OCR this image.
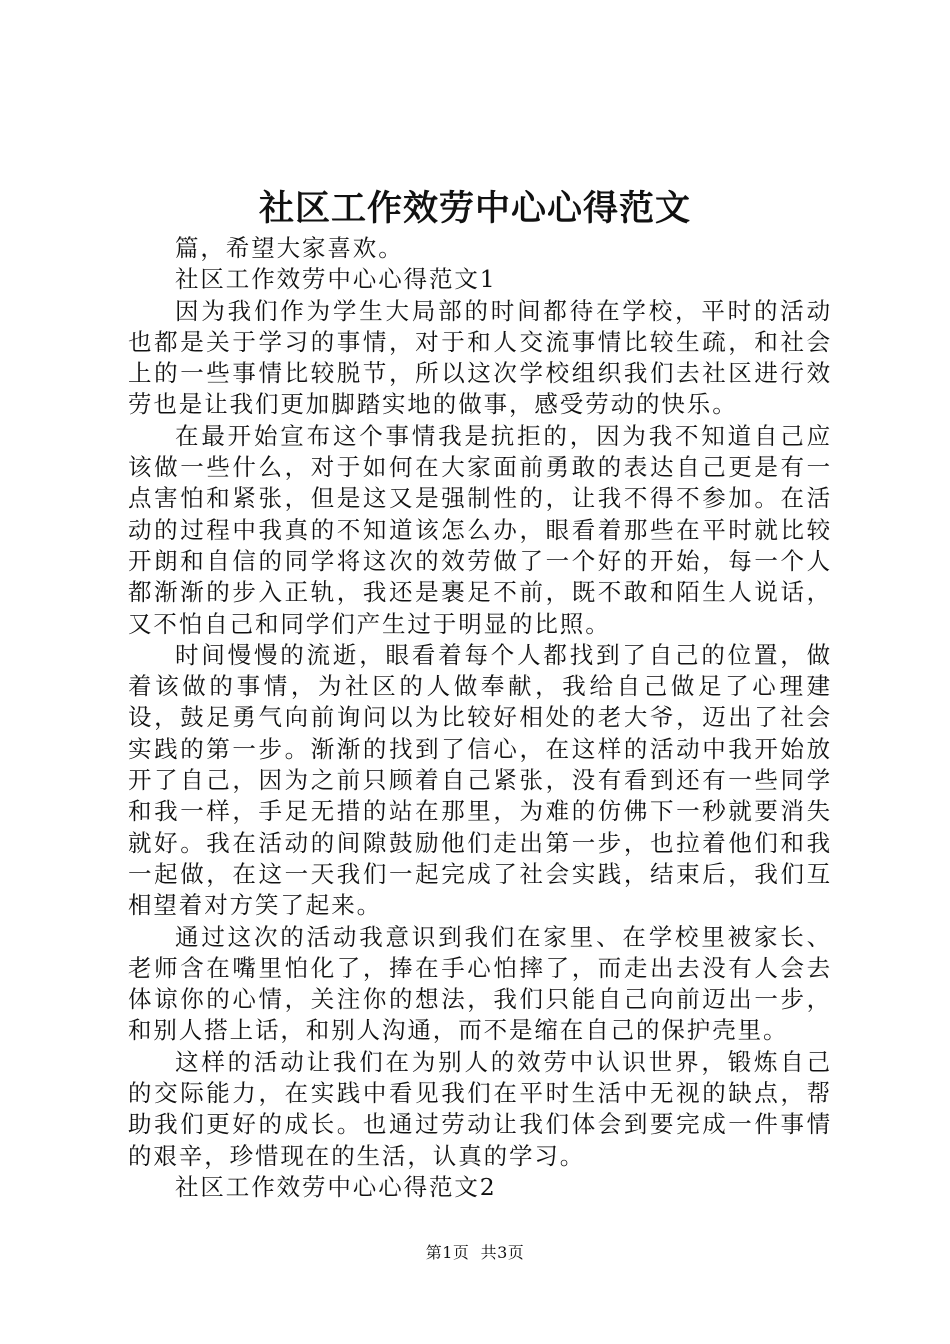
社区工作效劳中心心得范文

篇，希望大家喜欢。

社区工作效劳中心心得范文1

因为我们作为学生大局部的时间都待在学校，平时的活动也都是关于学习的事情，对于和人交流事情比较生疏，和社会上的一些事情比较脱节，所以这次学校组织我们去社区进行效劳也是让我们更加脚踏实地的做事，感受劳动的快乐。

在最开始宣布这个事情我是抗拒的，因为我不知道自己应该做一些什么，对于如何在大家面前勇敢的表达自己更是有一点害怕和紧张，但是这又是强制性的，让我不得不参加。在活动的过程中我真的不知道该怎么办，眼看着那些在平时就比较开朗和自信的同学将这次的效劳做了一个好的开始，每一个人都渐渐的步入正轨，我还是裹足不前，既不敢和陌生人说话，又不怕自己和同学们产生过于明显的比照。

时间慢慢的流逝，眼看着每个人都找到了自己的位置，做着该做的事情，为社区的人做奉献，我给自己做足了心理建设，鼓足勇气向前询问以为比较好相处的老大爷，迈出了社会实践的第一步。渐渐的找到了信心，在这样的活动中我开始放开了自己，因为之前只顾着自己紧张，没有看到还有一些同学和我一样，手足无措的站在那里，为难的仿佛下一秒就要消失就好。我在活动的间隙鼓励他们走出第一步，也拉着他们和我一起做，在这一天我们一起完成了社会实践，结束后，我们互相望着对方笑了起来。

通过这次的活动我意识到我们在家里、在学校里被家长、老师含在嘴里怕化了，捧在手心怕摔了，而走出去没有人会去体谅你的心情，关注你的想法，我们只能自己向前迈出一步，和别人搭上话，和别人沟通，而不是缩在自己的保护壳里。

这样的活动让我们在为别人的效劳中认识世界，锻炼自己的交际能力，在实践中看见我们在平时生活中无视的缺点，帮助我们更好的成长。也通过劳动让我们体会到要完成一件事情的艰辛，珍惜现在的生活，认真的学习。

社区工作效劳中心心得范文2

第1页 共3页
